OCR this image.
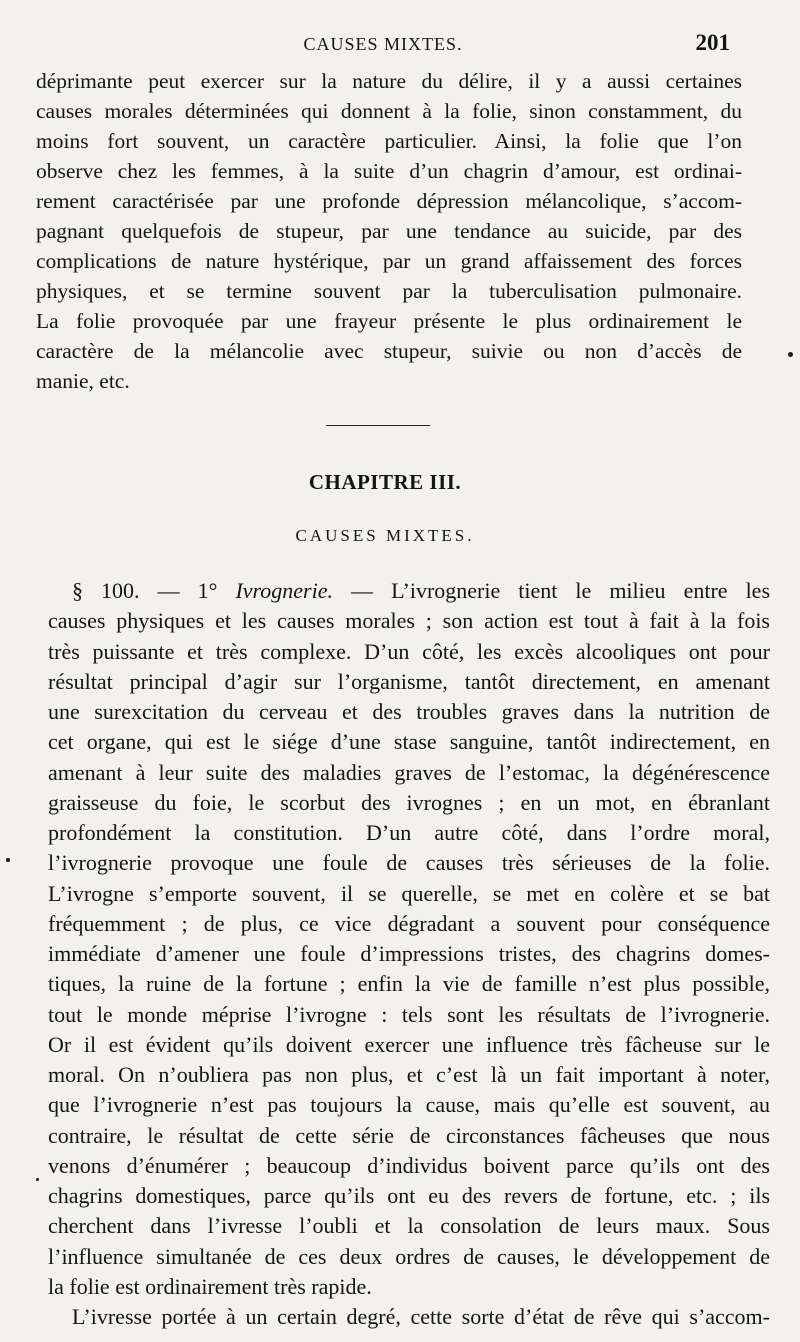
CAUSES MIXTES.	201
déprimante peut exercer sur la nature du délire, il y a aussi certaines
causes morales déterminées qui donnent à la folie, sinon constamment, du
moins fort souvent, un caractère particulier. Ainsi, la folie que l’on
observe chez les femmes, à la suite d’un chagrin d’amour, est ordinai-
rement caractérisée par une profonde dépression mélancolique, s’accom-
pagnant quelquefois de stupeur, par une tendance au suicide, par des
complications de nature hystérique, par un grand affaissement des forces
physiques, et se termine souvent par la tuberculisation pulmonaire.
La folie provoquée par une frayeur présente le plus ordinairement le
caractère de la mélancolie avec stupeur, suivie ou non d’accès de
manie, etc.
CHAPITRE III.
CAUSES MIXTES.
§ 100. — 1° Ivrognerie. — L’ivrognerie tient le milieu entre les
causes physiques et les causes morales ; son action est tout à fait à la fois
très puissante et très complexe. D’un côté, les excès alcooliques ont pour
résultat principal d’agir sur l’organisme, tantôt directement, en amenant
une surexcitation du cerveau et des troubles graves dans la nutrition de
cet organe, qui est le siége d’une stase sanguine, tantôt indirectement, en
amenant à leur suite des maladies graves de l’estomac, la dégénérescence
graisseuse du foie, le scorbut des ivrognes ; en un mot, en ébranlant
profondément la constitution. D’un autre côté, dans l’ordre moral,
l’ivrognerie provoque une foule de causes très sérieuses de la folie.
L’ivrogne s’emporte souvent, il se querelle, se met en colère et se bat
fréquemment ; de plus, ce vice dégradant a souvent pour conséquence
immédiate d’amener une foule d’impressions tristes, des chagrins domes-
tiques, la ruine de la fortune ; enfin la vie de famille n’est plus possible,
tout le monde méprise l’ivrogne : tels sont les résultats de l’ivrognerie.
Or il est évident qu’ils doivent exercer une influence très fâcheuse sur le
moral. On n’oubliera pas non plus, et c’est là un fait important à noter,
que l’ivrognerie n’est pas toujours la cause, mais qu’elle est souvent, au
contraire, le résultat de cette série de circonstances fâcheuses que nous
venons d’énumérer ; beaucoup d’individus boivent parce qu’ils ont des
chagrins domestiques, parce qu’ils ont eu des revers de fortune, etc. ; ils
cherchent dans l’ivresse l’oubli et la consolation de leurs maux. Sous
l’influence simultanée de ces deux ordres de causes, le développement de
la folie est ordinairement très rapide.
L’ivresse portée à un certain degré, cette sorte d’état de rêve qui s’accom-
